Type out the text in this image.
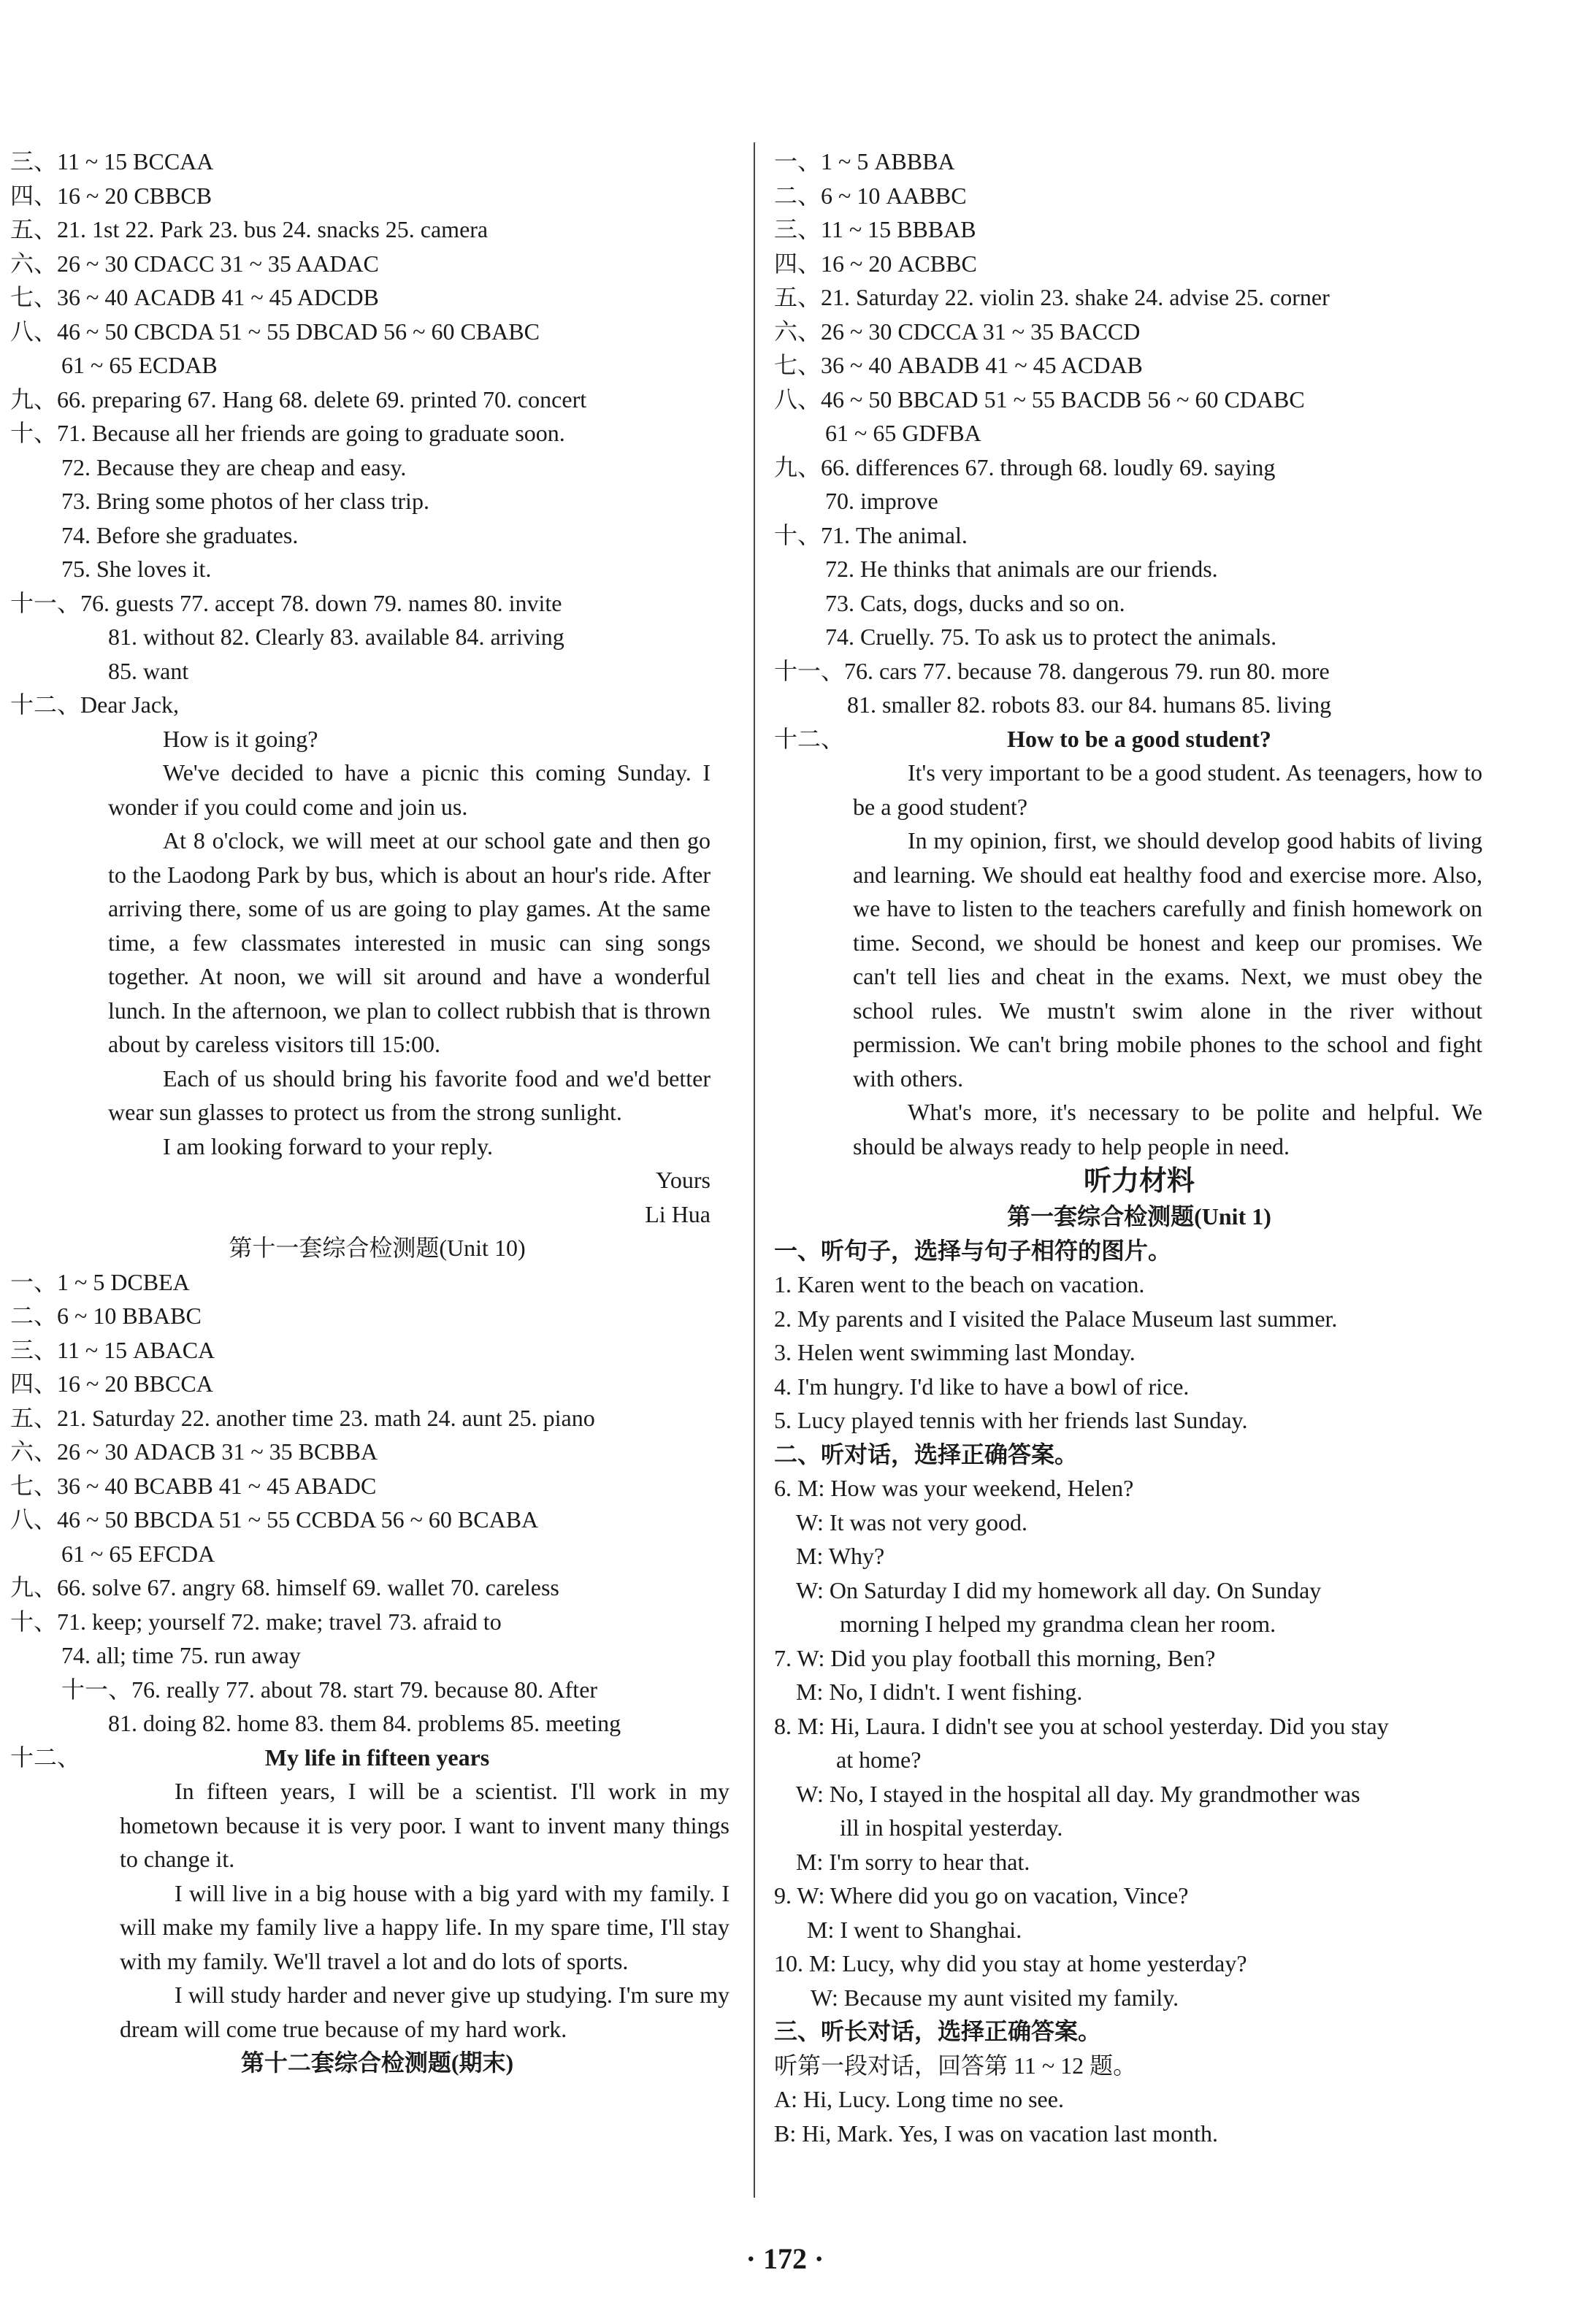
三、11 ~ 15 BCCAA
四、16 ~ 20 CBBCB
五、21. 1st 22. Park 23. bus 24. snacks 25. camera
六、26 ~ 30 CDACC 31 ~ 35 AADAC
七、36 ~ 40 ACADB 41 ~ 45 ADCDB
八、46 ~ 50 CBCDA 51 ~ 55 DBCAD 56 ~ 60 CBABC
61 ~ 65 ECDAB
九、66. preparing 67. Hang 68. delete 69. printed 70. concert
十、71. Because all her friends are going to graduate soon.
72. Because they are cheap and easy.
73. Bring some photos of her class trip.
74. Before she graduates.
75. She loves it.
十一、76. guests 77. accept 78. down 79. names 80. invite
81. without 82. Clearly 83. available 84. arriving
85. want
十二、Dear Jack,
How is it going?
We've decided to have a picnic this coming Sunday. I wonder if you could come and join us.
At 8 o'clock, we will meet at our school gate and then go to the Laodong Park by bus, which is about an hour's ride. After arriving there, some of us are going to play games. At the same time, a few classmates interested in music can sing songs together. At noon, we will sit around and have a wonderful lunch. In the afternoon, we plan to collect rubbish that is thrown about by careless visitors till 15:00.
Each of us should bring his favorite food and we'd better wear sun glasses to protect us from the strong sunlight.
I am looking forward to your reply.
Yours
Li Hua
第十一套综合检测题(Unit 10)
一、1 ~ 5 DCBEA
二、6 ~ 10 BBABC
三、11 ~ 15 ABACA
四、16 ~ 20 BBCCA
五、21. Saturday 22. another time 23. math 24. aunt 25. piano
六、26 ~ 30 ADACB 31 ~ 35 BCBBA
七、36 ~ 40 BCABB 41 ~ 45 ABADC
八、46 ~ 50 BBCDA 51 ~ 55 CCBDA 56 ~ 60 BCABA
61 ~ 65 EFCDA
九、66. solve 67. angry 68. himself 69. wallet 70. careless
十、71. keep; yourself 72. make; travel 73. afraid to
74. all; time 75. run away
十一、76. really 77. about 78. start 79. because 80. After
81. doing 82. home 83. them 84. problems 85. meeting
十二、	My life in fifteen years
In fifteen years, I will be a scientist. I'll work in my hometown because it is very poor. I want to invent many things to change it.
I will live in a big house with a big yard with my family. I will make my family live a happy life. In my spare time, I'll stay with my family. We'll travel a lot and do lots of sports.
I will study harder and never give up studying. I'm sure my dream will come true because of my hard work.
第十二套综合检测题(期末)
一、1 ~ 5 ABBBA
二、6 ~ 10 AABBC
三、11 ~ 15 BBBAB
四、16 ~ 20 ACBBC
五、21. Saturday 22. violin 23. shake 24. advise 25. corner
六、26 ~ 30 CDCCA 31 ~ 35 BACCD
七、36 ~ 40 ABADB 41 ~ 45 ACDAB
八、46 ~ 50 BBCAD 51 ~ 55 BACDB 56 ~ 60 CDABC
61 ~ 65 GDFBA
九、66. differences 67. through 68. loudly 69. saying
70. improve
十、71. The animal.
72. He thinks that animals are our friends.
73. Cats, dogs, ducks and so on.
74. Cruelly. 75. To ask us to protect the animals.
十一、76. cars 77. because 78. dangerous 79. run 80. more
81. smaller 82. robots 83. our 84. humans 85. living
十二、	How to be a good student?
It's very important to be a good student. As teenagers, how to be a good student?
In my opinion, first, we should develop good habits of living and learning. We should eat healthy food and exercise more. Also, we have to listen to the teachers carefully and finish homework on time. Second, we should be honest and keep our promises. We can't tell lies and cheat in the exams. Next, we must obey the school rules. We mustn't swim alone in the river without permission. We can't bring mobile phones to the school and fight with others.
What's more, it's necessary to be polite and helpful. We should be always ready to help people in need.
听力材料
第一套综合检测题(Unit 1)
一、听句子，选择与句子相符的图片。
1. Karen went to the beach on vacation.
2. My parents and I visited the Palace Museum last summer.
3. Helen went swimming last Monday.
4. I'm hungry. I'd like to have a bowl of rice.
5. Lucy played tennis with her friends last Sunday.
二、听对话，选择正确答案。
6. M: How was your weekend, Helen?
W: It was not very good.
M: Why?
W: On Saturday I did my homework all day. On Sunday
morning I helped my grandma clean her room.
7. W: Did you play football this morning, Ben?
M: No, I didn't. I went fishing.
8. M: Hi, Laura. I didn't see you at school yesterday. Did you stay
at home?
W: No, I stayed in the hospital all day. My grandmother was
ill in hospital yesterday.
M: I'm sorry to hear that.
9. W: Where did you go on vacation, Vince?
M: I went to Shanghai.
10. M: Lucy, why did you stay at home yesterday?
W: Because my aunt visited my family.
三、听长对话，选择正确答案。
听第一段对话，回答第 11 ~ 12 题。
A: Hi, Lucy. Long time no see.
B: Hi, Mark. Yes, I was on vacation last month.
· 172 ·
